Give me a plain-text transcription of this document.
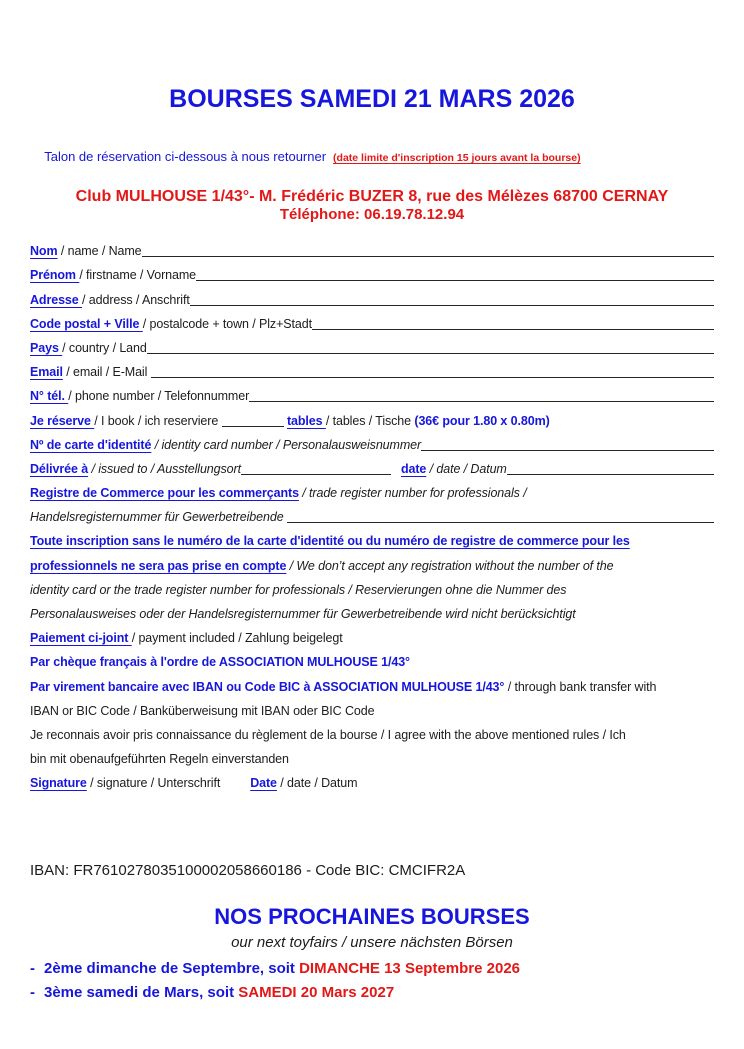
BOURSES SAMEDI 21 MARS 2026

Talon de réservation ci-dessous à nous retourner (date limite d'inscription 15 jours avant la bourse)

Club MULHOUSE 1/43°- M. Frédéric BUZER 8, rue des Mélèzes 68700 CERNAY
Téléphone: 06.19.78.12.94
Nom / name / Name
Prénom / firstname / Vorname
Adresse / address / Anschrift
Code postal + Ville / postalcode + town / Plz+Stadt
Pays / country / Land
Email / email / E-Mail
N° tél. / phone number / Telefonnummer
Je réserve / I book / ich reserviere
	tables / tables / Tische (36€ pour 1.80 x 0.80m)
Nº de carte d'identité / identity card number / Personalausweisnummer
Délivrée à / issued to / Ausstellungsort	date / date / Datum
Registre de Commerce pour les commerçants / trade register number for professionals /
Handelsregisternummer für Gewerbetreibende
Toute inscription sans le numéro de la carte d'identité ou du numéro de registre de commerce pour les
professionnels ne sera pas prise en compte / We don’t accept any registration without the number of the
identity card or the trade register number for professionals / Reservierungen ohne die Nummer des
Personalausweises oder der Handelsregisternummer für Gewerbetreibende wird nicht berücksichtigt
Paiement ci-joint / payment included / Zahlung beigelegt
Par chèque français à l'ordre de ASSOCIATION MULHOUSE 1/43°
Par virement bancaire avec IBAN ou Code BIC à ASSOCIATION MULHOUSE 1/43° / through bank transfer with
IBAN or BIC Code / Banküberweisung mit IBAN oder BIC Code
Je reconnais avoir pris connaissance du règlement de la bourse / I agree with the above mentioned rules / Ich
bin mit obenaufgeführten Regeln einverstanden
Signature / signature / Unterschrift Date / date / Datum
IBAN: FR7610278035100002058660186 - Code BIC: CMCIFR2A
NOS PROCHAINES BOURSES
our next toyfairs / unsere nächsten Börsen
- 2ème dimanche de Septembre, soit DIMANCHE 13 Septembre 2026
- 3ème samedi de Mars, soit SAMEDI 20 Mars 2027
